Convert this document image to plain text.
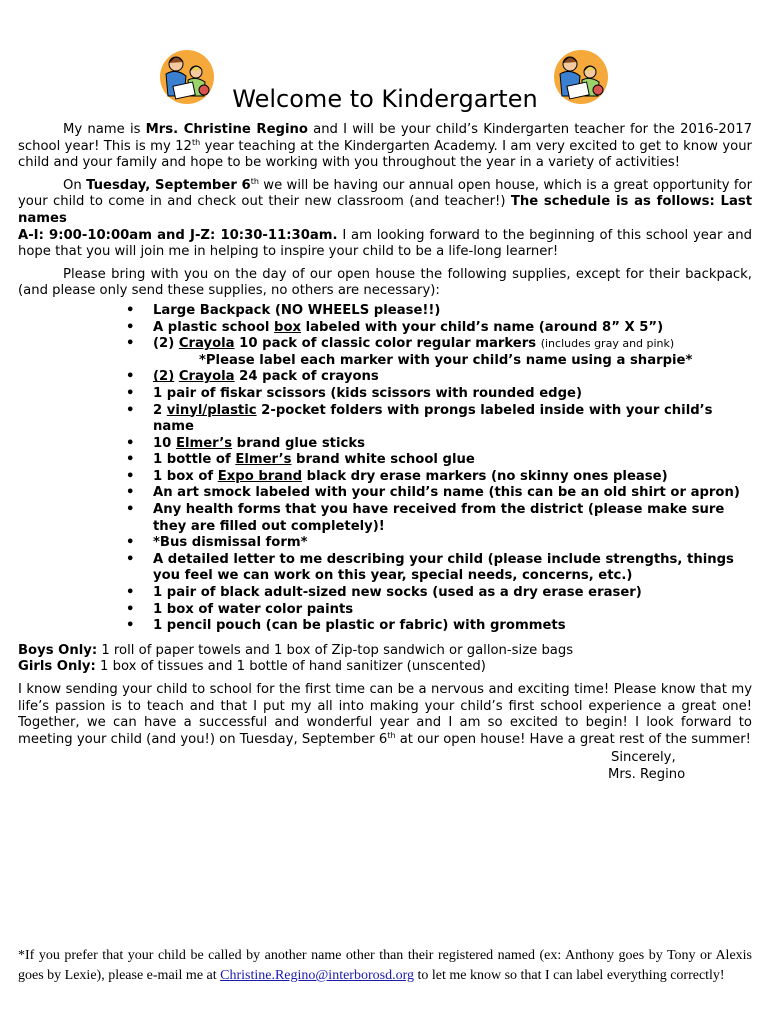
Welcome to Kindergarten

My name is Mrs. Christine Regino and I will be your child’s Kindergarten teacher for the 2016-2017 school year! This is my 12th year teaching at the Kindergarten Academy. I am very excited to get to know your child and your family and hope to be working with you throughout the year in a variety of activities!

On Tuesday, September 6th we will be having our annual open house, which is a great opportunity for your child to come in and check out their new classroom (and teacher!) The schedule is as follows: Last names
A-I: 9:00-10:00am and J-Z: 10:30-11:30am. I am looking forward to the beginning of this school year and hope that you will join me in helping to inspire your child to be a life-long learner!

Please bring with you on the day of our open house the following supplies, except for their backpack, (and please only send these supplies, no others are necessary):

• Large Backpack (NO WHEELS please!!)
• A plastic school box labeled with your child’s name (around 8” X 5”)
• (2) Crayola 10 pack of classic color regular markers (includes gray and pink)
*Please label each marker with your child’s name using a sharpie*
• (2) Crayola 24 pack of crayons
• 1 pair of fiskar scissors (kids scissors with rounded edge)
• 2 vinyl/plastic 2-pocket folders with prongs labeled inside with your child’s name
• 10 Elmer’s brand glue sticks
• 1 bottle of Elmer’s brand white school glue
• 1 box of Expo brand black dry erase markers (no skinny ones please)
• An art smock labeled with your child’s name (this can be an old shirt or apron)
• Any health forms that you have received from the district (please make sure they are filled out completely)!
• *Bus dismissal form*
• A detailed letter to me describing your child (please include strengths, things you feel we can work on this year, special needs, concerns, etc.)
• 1 pair of black adult-sized new socks (used as a dry erase eraser)
• 1 box of water color paints
• 1 pencil pouch (can be plastic or fabric) with grommets

Boys Only: 1 roll of paper towels and 1 box of Zip-top sandwich or gallon-size bags
Girls Only: 1 box of tissues and 1 bottle of hand sanitizer (unscented)

I know sending your child to school for the first time can be a nervous and exciting time! Please know that my life’s passion is to teach and that I put my all into making your child’s first school experience a great one! Together, we can have a successful and wonderful year and I am so excited to begin! I look forward to meeting your child (and you!) on Tuesday, September 6th at our open house! Have a great rest of the summer!

Sincerely,
Mrs. Regino

*If you prefer that your child be called by another name other than their registered named (ex: Anthony goes by Tony or Alexis goes by Lexie), please e-mail me at Christine.Regino@interborosd.org to let me know so that I can label everything correctly!
